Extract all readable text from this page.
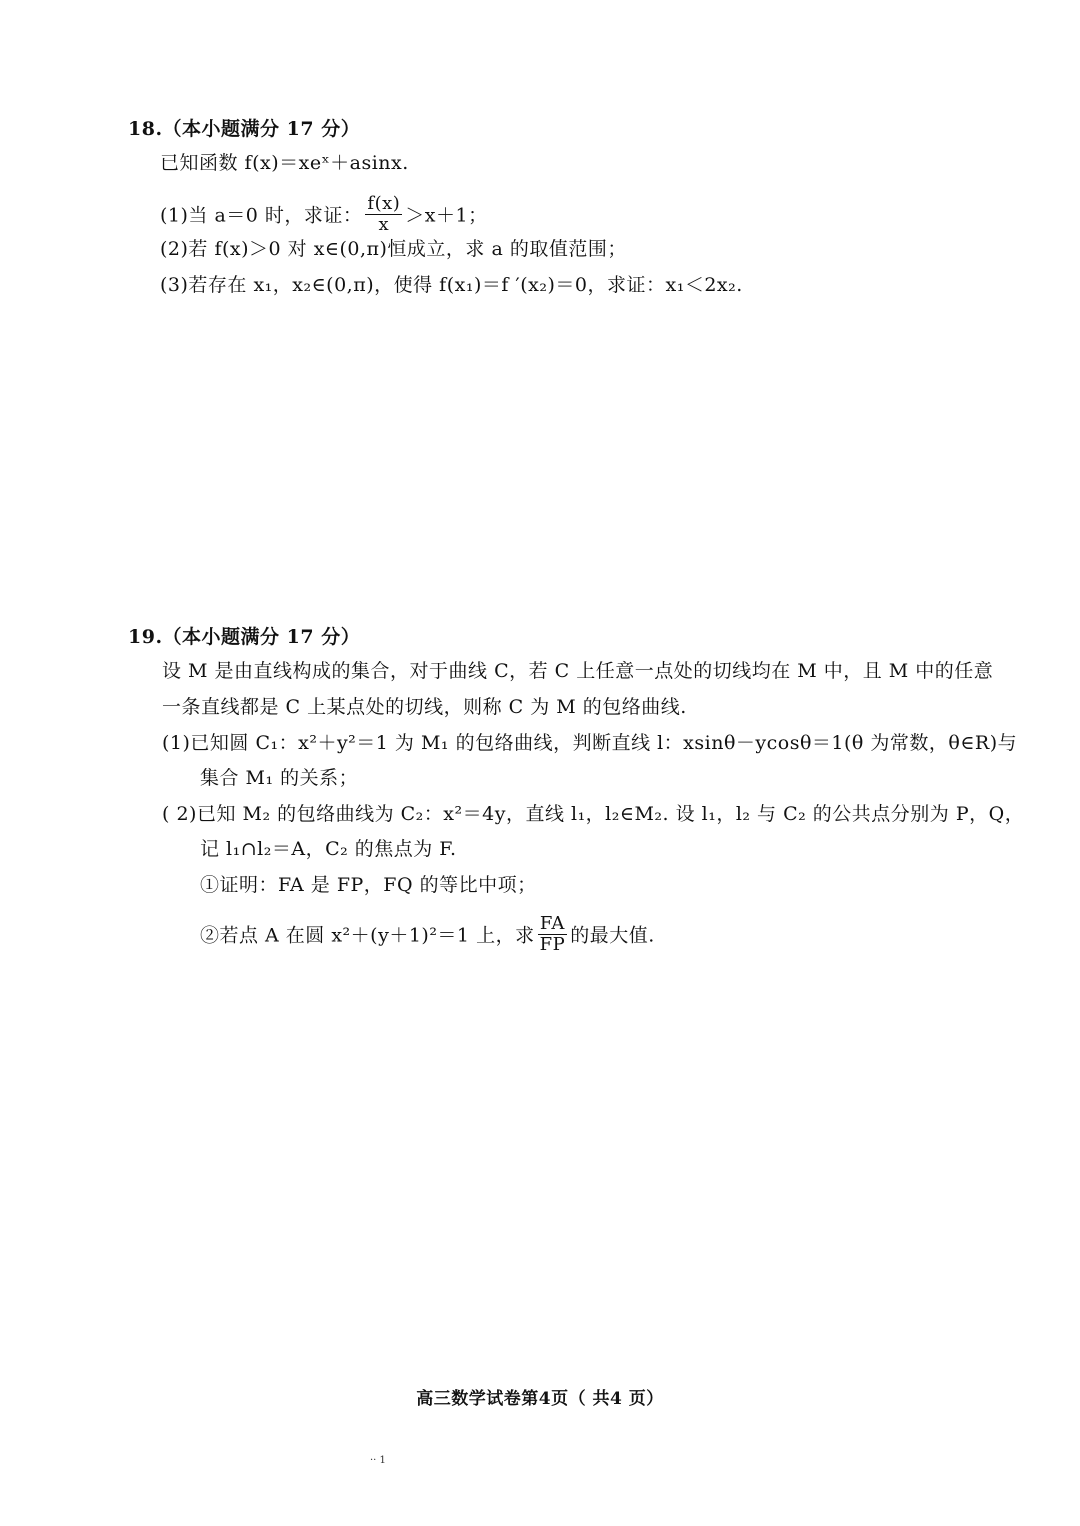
18.（本小题满分 17 分）
已知函数 f(x)＝xeˣ＋asinx.
(1)当 a＝0 时，求证： $\frac{f(x)}{x} >x+1$；
(2)若 f(x)＞0 对 x∈(0,π)恒成立，求 a 的取值范围；
(3)若存在 x₁，x₂∈(0,π)，使得 f(x₁)＝f ′(x₂)＝0，求证：x₁＜2x₂.
19.（本小题满分 17 分）
设 M 是由直线构成的集合，对于曲线 C，若 C 上任意一点处的切线均在 M 中，且 M 中的任意
一条直线都是 C 上某点处的切线，则称 C 为 M 的包络曲线.
(1)已知圆 C₁：x²＋y²＝1 为 M₁ 的包络曲线，判断直线 l：xsinθ－ycosθ＝1(θ 为常数，θ∈R)与
集合 M₁ 的关系；
( 2)已知 M₂ 的包络曲线为 C₂：x²＝4y，直线 l₁，l₂∈M₂. 设 l₁，l₂ 与 C₂ 的公共点分别为 P，Q，
记 l₁∩l₂＝A，C₂ 的焦点为 F.
①证明：FA 是 FP，FQ 的等比中项；
②若点 A 在圆 x²＋(y＋1)²＝1 上，求 $\frac{FA}{FP}$ 的最大值.
高三数学试卷第4页（ 共4 页）
·· 1
